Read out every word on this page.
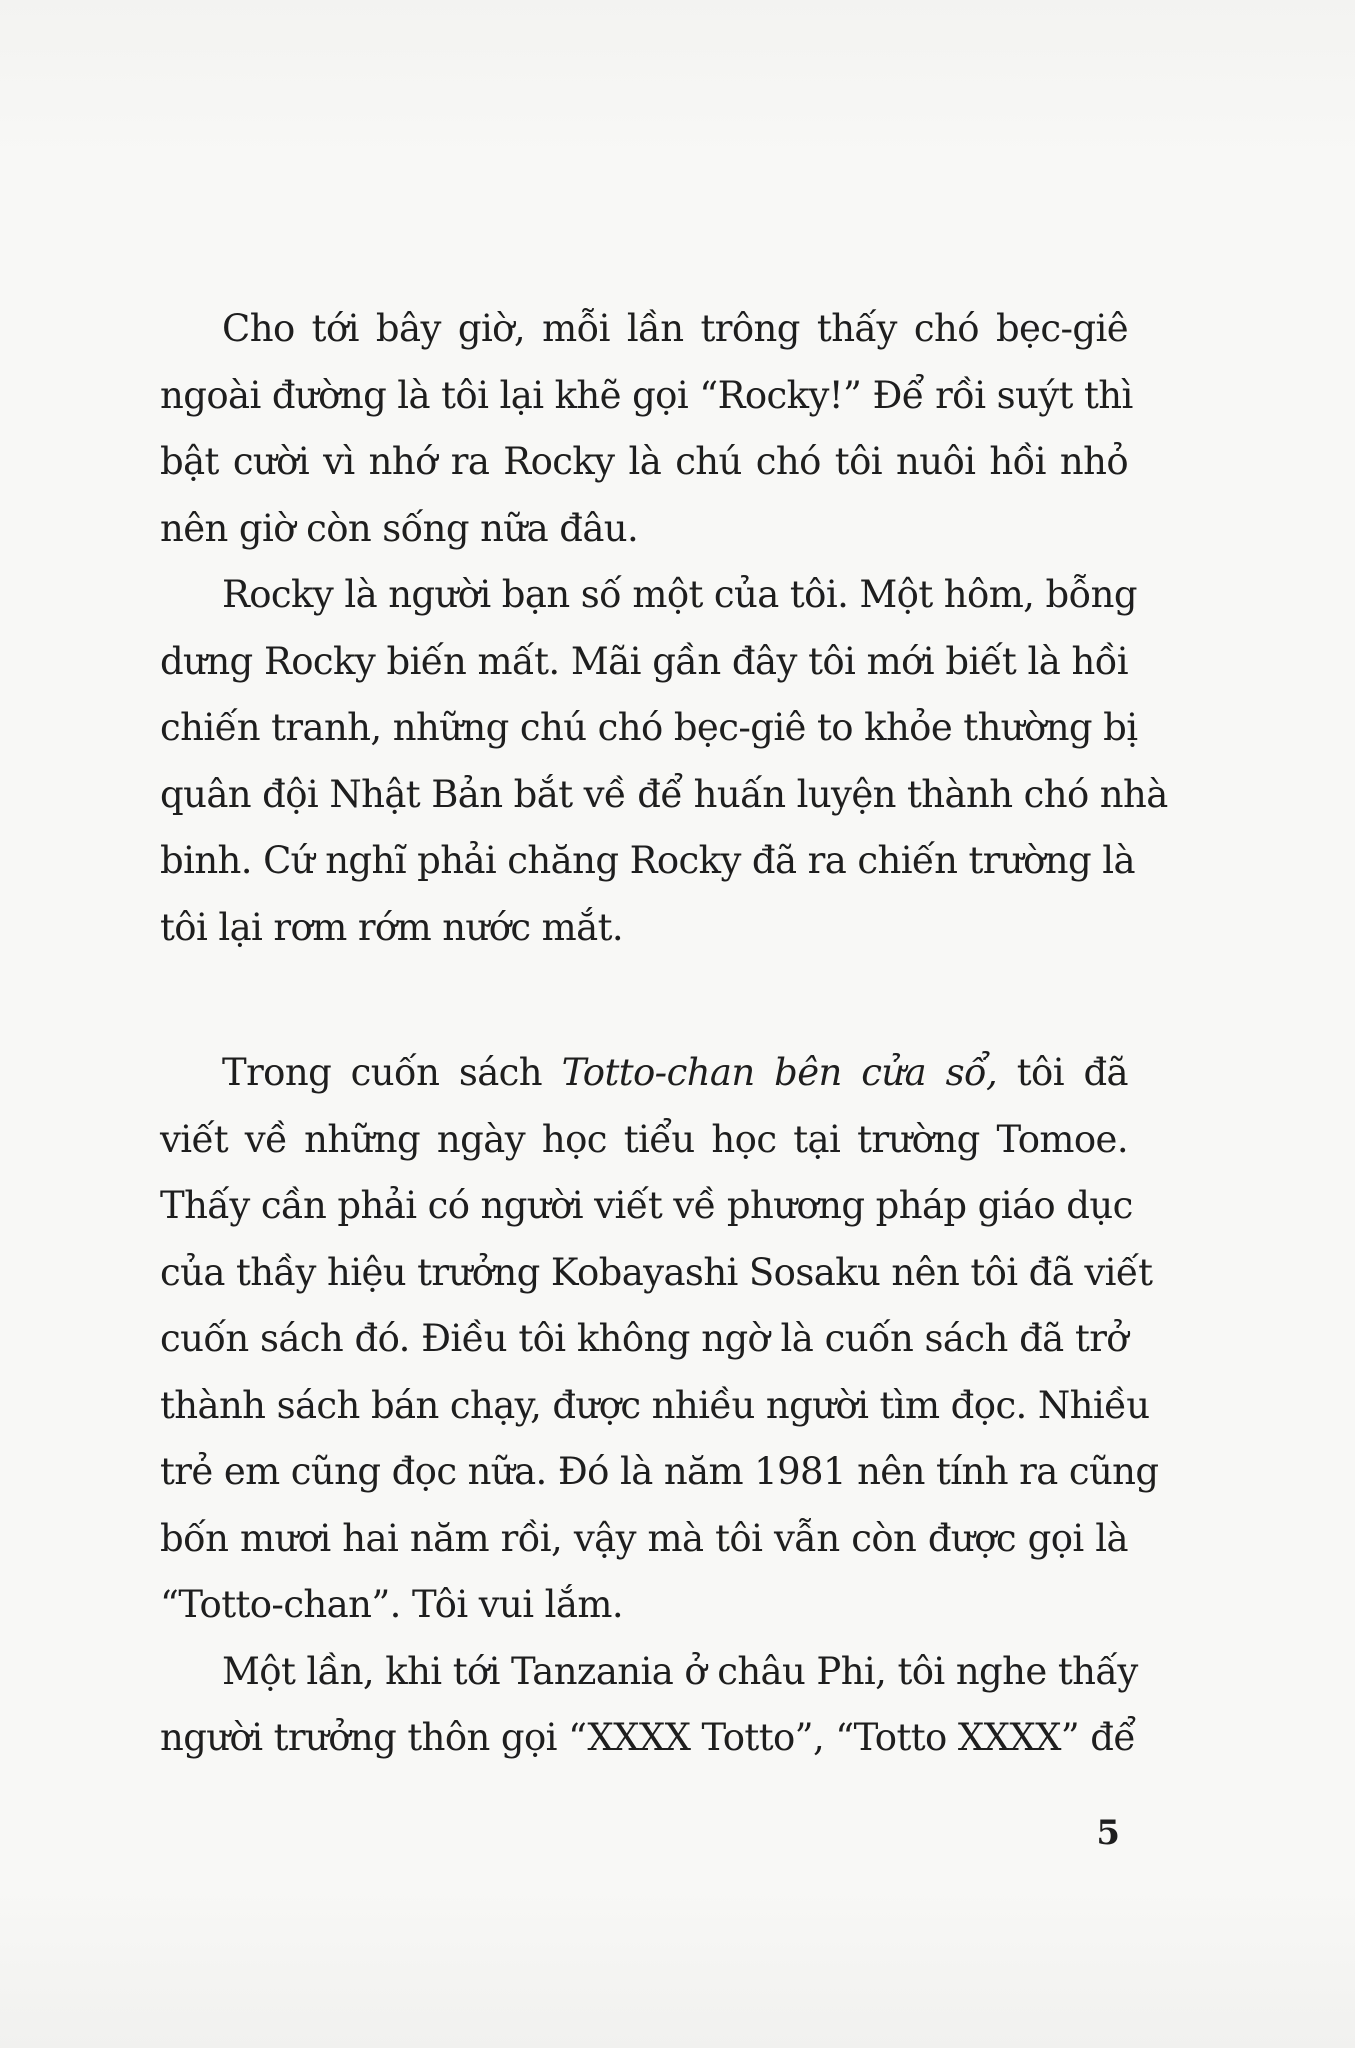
Cho tới bây giờ, mỗi lần trông thấy chó bẹc-giê
ngoài đường là tôi lại khẽ gọi “Rocky!” Để rồi suýt thì
bật cười vì nhớ ra Rocky là chú chó tôi nuôi hồi nhỏ
nên giờ còn sống nữa đâu.
Rocky là người bạn số một của tôi. Một hôm, bỗng
dưng Rocky biến mất. Mãi gần đây tôi mới biết là hồi
chiến tranh, những chú chó bẹc-giê to khỏe thường bị
quân đội Nhật Bản bắt về để huấn luyện thành chó nhà
binh. Cứ nghĩ phải chăng Rocky đã ra chiến trường là
tôi lại rơm rớm nước mắt.
Trong cuốn sách Totto-chan bên cửa sổ, tôi đã
viết về những ngày học tiểu học tại trường Tomoe.
Thấy cần phải có người viết về phương pháp giáo dục
của thầy hiệu trưởng Kobayashi Sosaku nên tôi đã viết
cuốn sách đó. Điều tôi không ngờ là cuốn sách đã trở
thành sách bán chạy, được nhiều người tìm đọc. Nhiều
trẻ em cũng đọc nữa. Đó là năm 1981 nên tính ra cũng
bốn mươi hai năm rồi, vậy mà tôi vẫn còn được gọi là
“Totto-chan”. Tôi vui lắm.
Một lần, khi tới Tanzania ở châu Phi, tôi nghe thấy
người trưởng thôn gọi “XXXX Totto”, “Totto XXXX” để
5
